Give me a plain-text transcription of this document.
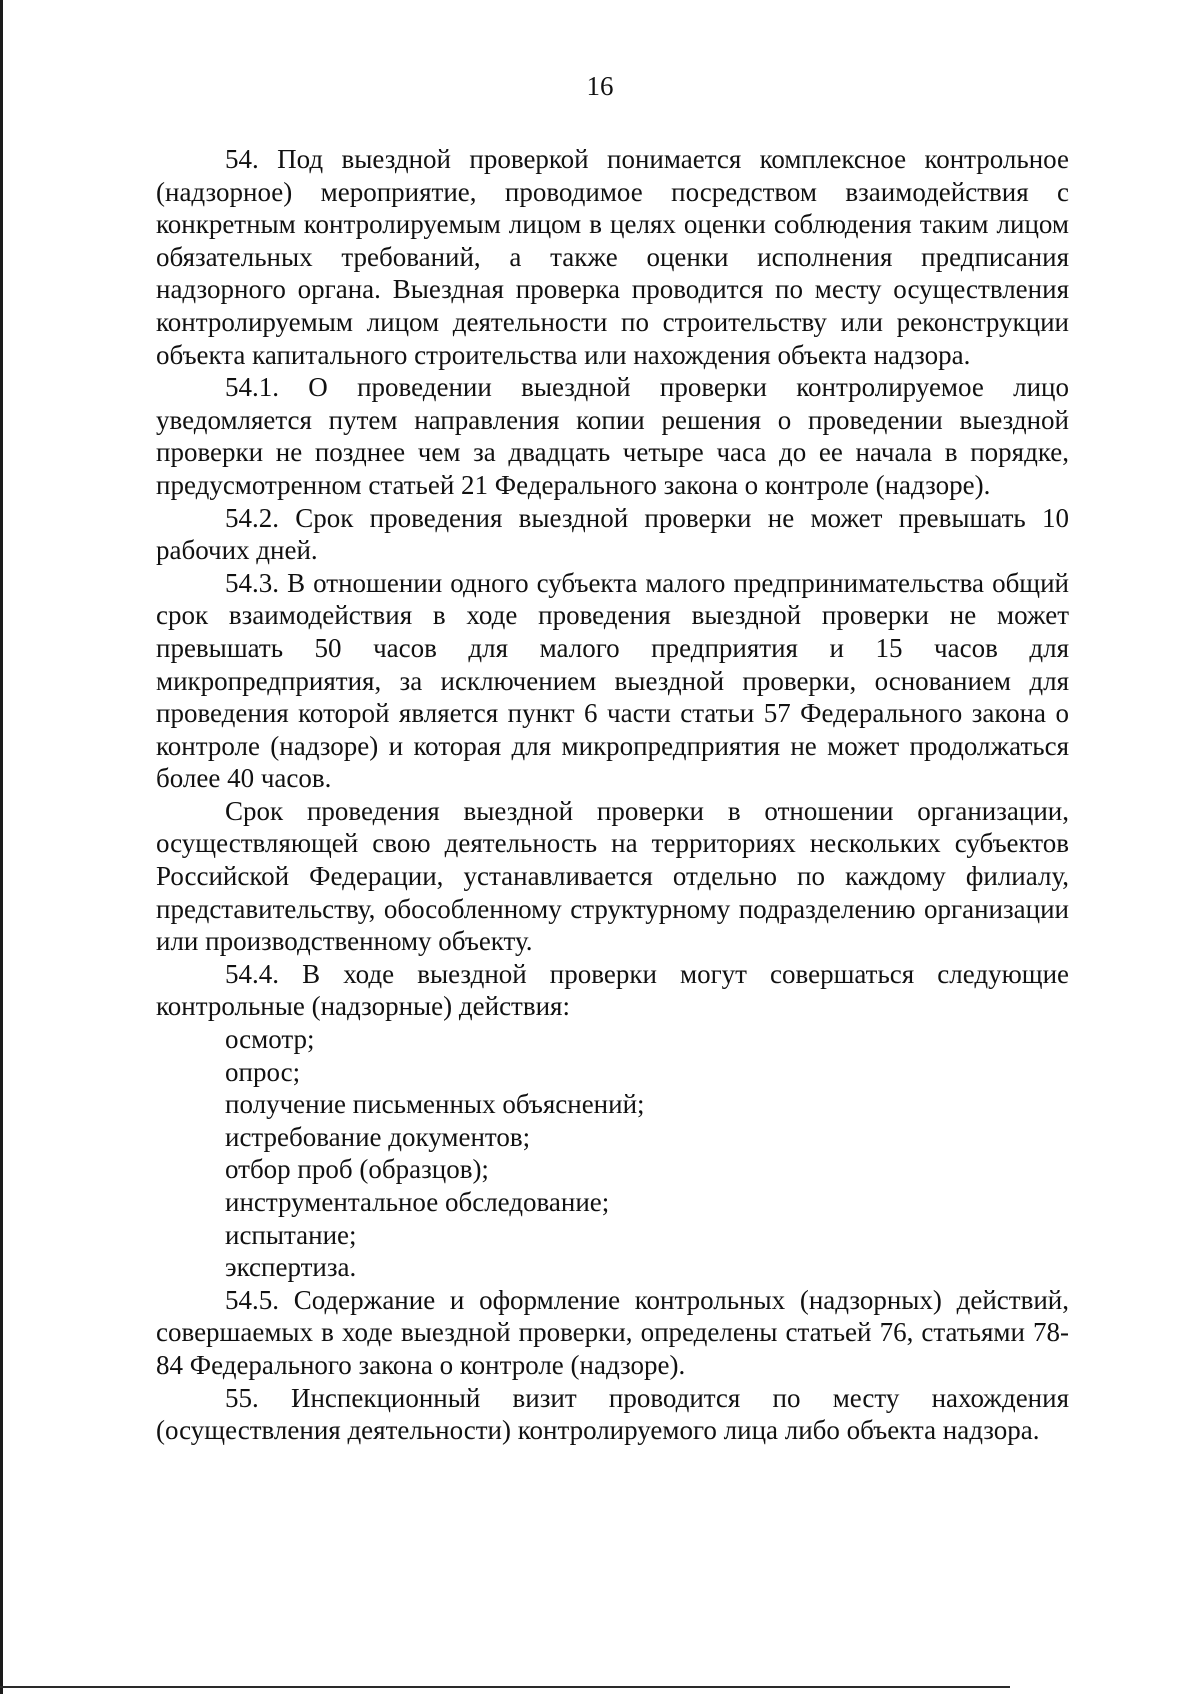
16

54. Под выездной проверкой понимается комплексное контрольное (надзорное) мероприятие, проводимое посредством взаимодействия с конкретным контролируемым лицом в целях оценки соблюдения таким лицом обязательных требований, а также оценки исполнения предписания надзорного органа. Выездная проверка проводится по месту осуществления контролируемым лицом деятельности по строительству или реконструкции объекта капитального строительства или нахождения объекта надзора.

54.1. О проведении выездной проверки контролируемое лицо уведомляется путем направления копии решения о проведении выездной проверки не позднее чем за двадцать четыре часа до ее начала в порядке, предусмотренном статьей 21 Федерального закона о контроле (надзоре).

54.2. Срок проведения выездной проверки не может превышать 10 рабочих дней.

54.3. В отношении одного субъекта малого предпринимательства общий срок взаимодействия в ходе проведения выездной проверки не может превышать 50 часов для малого предприятия и 15 часов для микропредприятия, за исключением выездной проверки, основанием для проведения которой является пункт 6 части статьи 57 Федерального закона о контроле (надзоре) и которая для микропредприятия не может продолжаться более 40 часов.

Срок проведения выездной проверки в отношении организации, осуществляющей свою деятельность на территориях нескольких субъектов Российской Федерации, устанавливается отдельно по каждому филиалу, представительству, обособленному структурному подразделению организации или производственному объекту.

54.4. В ходе выездной проверки могут совершаться следующие контрольные (надзорные) действия:

осмотр;

опрос;

получение письменных объяснений;

истребование документов;

отбор проб (образцов);

инструментальное обследование;

испытание;

экспертиза.

54.5. Содержание и оформление контрольных (надзорных) действий, совершаемых в ходе выездной проверки, определены статьей 76, статьями 78-84 Федерального закона о контроле (надзоре).

55. Инспекционный визит проводится по месту нахождения (осуществления деятельности) контролируемого лица либо объекта надзора.
